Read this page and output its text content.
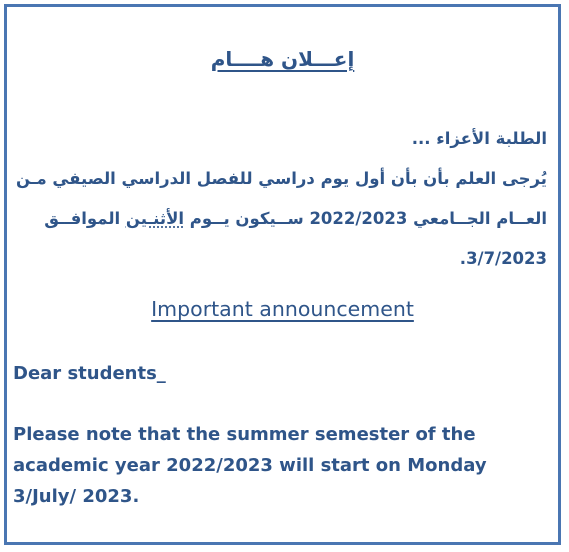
إعـــلان هــــام
الطلبة الأعزاء ...
يُرجى العلم بأن بأن أول يوم دراسي للفصل الدراسي الصيفي مـن
العــام الجــامعي 2022/2023 ســيكون يــوم الأثنـين الموافــق
3/7/2023.
Important announcement
Dear students_
Please note that the summer semester of the
academic year 2022/2023 will start on Monday
3/July/ 2023.
